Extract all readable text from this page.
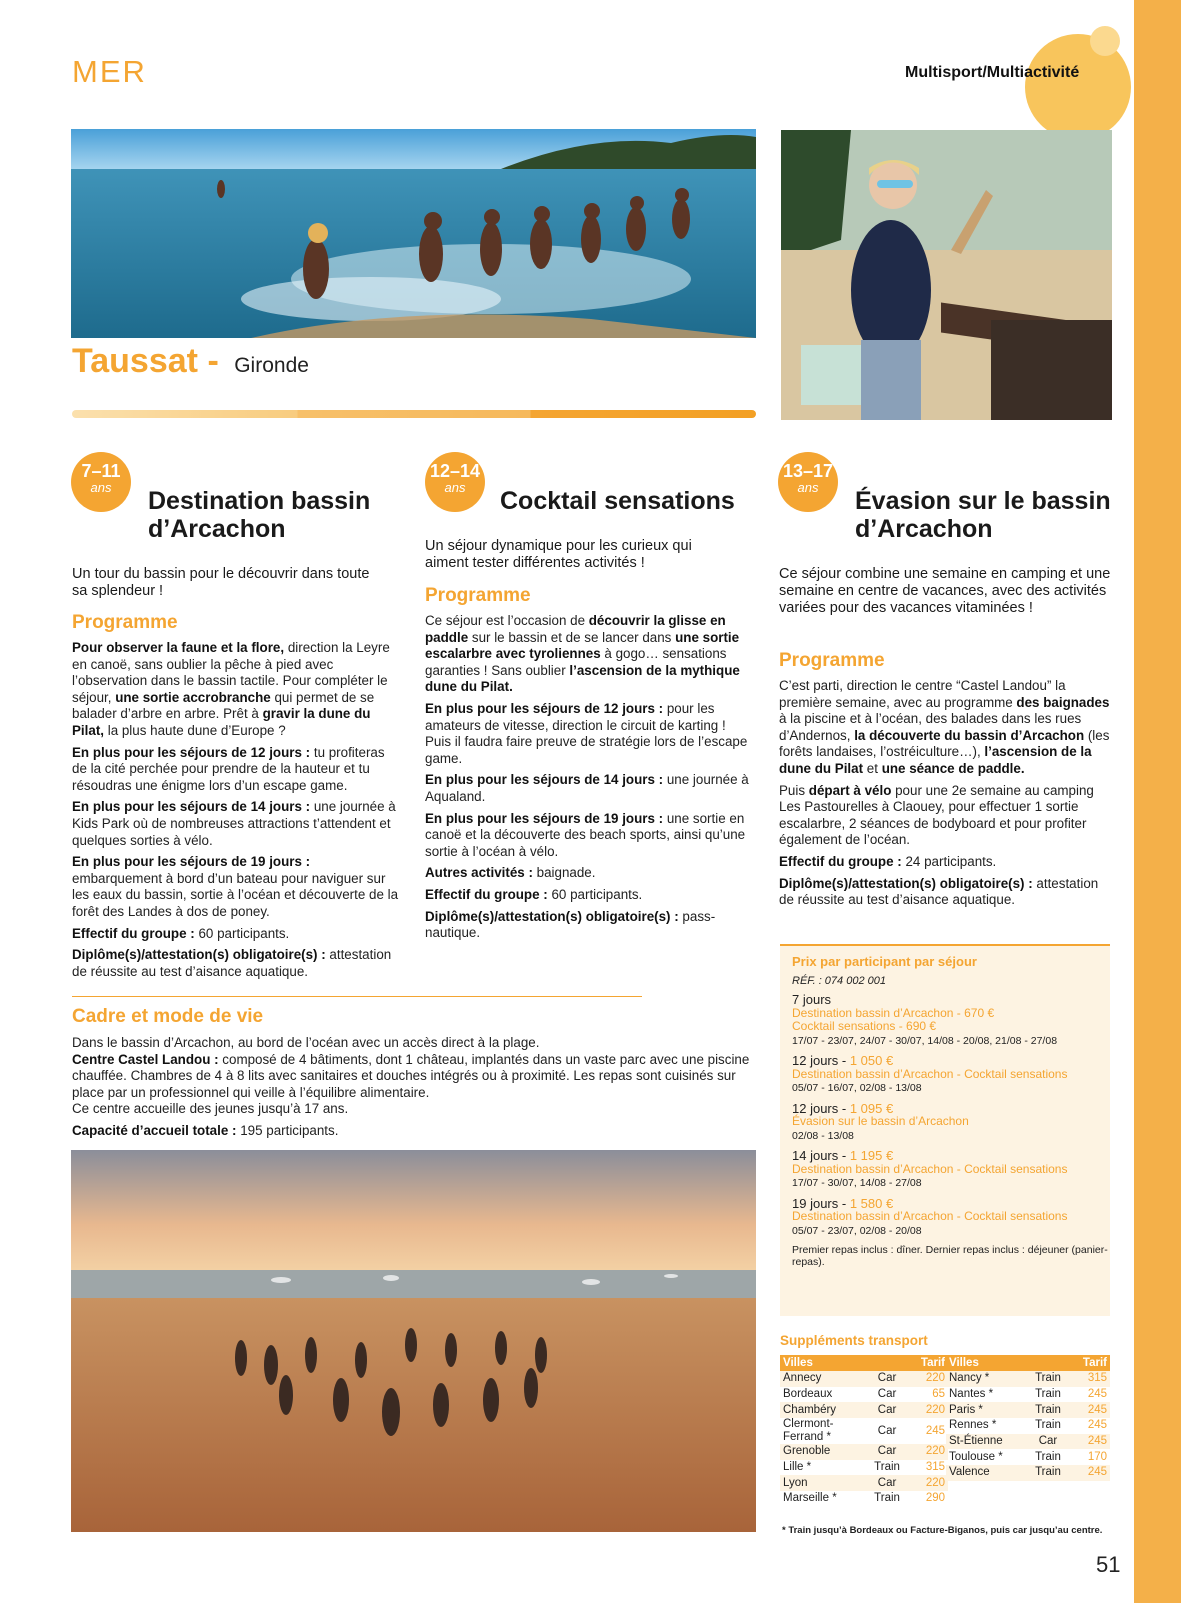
MER	Multisport/Multiactivité
Taussat - Gironde
7–11
ans	Destination bassin d’Arcachon
Un tour du bassin pour le découvrir dans toute sa splendeur !
Programme

Pour observer la faune et la flore, direction la Leyre en canoë, sans oublier la pêche à pied avec l’observation dans le bassin tactile. Pour compléter le séjour, une sortie accrobranche qui permet de se balader d’arbre en arbre. Prêt à gravir la dune du Pilat, la plus haute dune d’Europe ?

En plus pour les séjours de 12 jours : tu profiteras de la cité perchée pour prendre de la hauteur et tu résoudras une énigme lors d’un escape game.

En plus pour les séjours de 14 jours : une journée à Kids Park où de nombreuses attractions t’attendent et quelques sorties à vélo.

En plus pour les séjours de 19 jours : embarquement à bord d’un bateau pour naviguer sur les eaux du bassin, sortie à l’océan et découverte de la forêt des Landes à dos de poney.

Effectif du groupe : 60 participants.

Diplôme(s)/attestation(s) obligatoire(s) : attestation de réussite au test d’aisance aquatique.

12–14
ans	Cocktail sensations
Un séjour dynamique pour les curieux qui aiment tester différentes activités !
Programme

Ce séjour est l’occasion de découvrir la glisse en paddle sur le bassin et de se lancer dans une sortie escalarbre avec tyroliennes à gogo… sensations garanties ! Sans oublier l’ascension de la mythique dune du Pilat.

En plus pour les séjours de 12 jours : pour les amateurs de vitesse, direction le circuit de karting ! Puis il faudra faire preuve de stratégie lors de l’escape game.

En plus pour les séjours de 14 jours : une journée à Aqualand.

En plus pour les séjours de 19 jours : une sortie en canoë et la découverte des beach sports, ainsi qu’une sortie à l’océan à vélo.

Autres activités : baignade.

Effectif du groupe : 60 participants.

Diplôme(s)/attestation(s) obligatoire(s) : pass-nautique.

13–17
ans	Évasion sur le bassin d’Arcachon
Ce séjour combine une semaine en camping et une semaine en centre de vacances, avec des activités variées pour des vacances vitaminées !
Programme

C’est parti, direction le centre “Castel Landou” la première semaine, avec au programme des baignades à la piscine et à l’océan, des balades dans les rues d’Andernos, la découverte du bassin d’Arcachon (les forêts landaises, l’ostréiculture…), l’ascension de la dune du Pilat et une séance de paddle.

Puis départ à vélo pour une 2e semaine au camping Les Pastourelles à Claouey, pour effectuer 1 sortie escalarbre, 2 séances de bodyboard et pour profiter également de l’océan.

Effectif du groupe : 24 participants.

Diplôme(s)/attestation(s) obligatoire(s) : attestation de réussite au test d’aisance aquatique.

Cadre et mode de vie
Dans le bassin d’Arcachon, au bord de l’océan avec un accès direct à la plage.
Centre Castel Landou : composé de 4 bâtiments, dont 1 château, implantés dans un vaste parc avec une piscine chauffée. Chambres de 4 à 8 lits avec sanitaires et douches intégrés ou à proximité. Les repas sont cuisinés sur place par un professionnel qui veille à l’équilibre alimentaire.
Ce centre accueille des jeunes jusqu’à 17 ans.
Capacité d’accueil totale : 195 participants.
Prix par participant par séjour
RÉF. : 074 002 001
7 jours
Destination bassin d’Arcachon - 670 €
Cocktail sensations - 690 €
17/07 - 23/07, 24/07 - 30/07, 14/08 - 20/08, 21/08 - 27/08
12 jours - 1 050 €
Destination bassin d’Arcachon - Cocktail sensations
05/07 - 16/07, 02/08 - 13/08
12 jours - 1 095 €
Évasion sur le bassin d’Arcachon
02/08 - 13/08
14 jours - 1 195 €
Destination bassin d’Arcachon - Cocktail sensations
17/07 - 30/07, 14/08 - 27/08
19 jours - 1 580 €
Destination bassin d’Arcachon - Cocktail sensations
05/07 - 23/07, 02/08 - 20/08
Premier repas inclus : dîner. Dernier repas inclus : déjeuner (panier-repas).
Suppléments transport
Villes		Tarif
Annecy	Car	220
Bordeaux	Car	65
Chambéry	Car	220
Clermont-Ferrand *	Car	245
Grenoble	Car	220
Lille *	Train	315
Lyon	Car	220
Marseille *	Train	290
Villes		Tarif
Nancy *	Train	315
Nantes *	Train	245
Paris *	Train	245
Rennes *	Train	245
St-Étienne	Car	245
Toulouse *	Train	170
Valence	Train	245
* Train jusqu’à Bordeaux ou Facture-Biganos, puis car jusqu’au centre.
51
